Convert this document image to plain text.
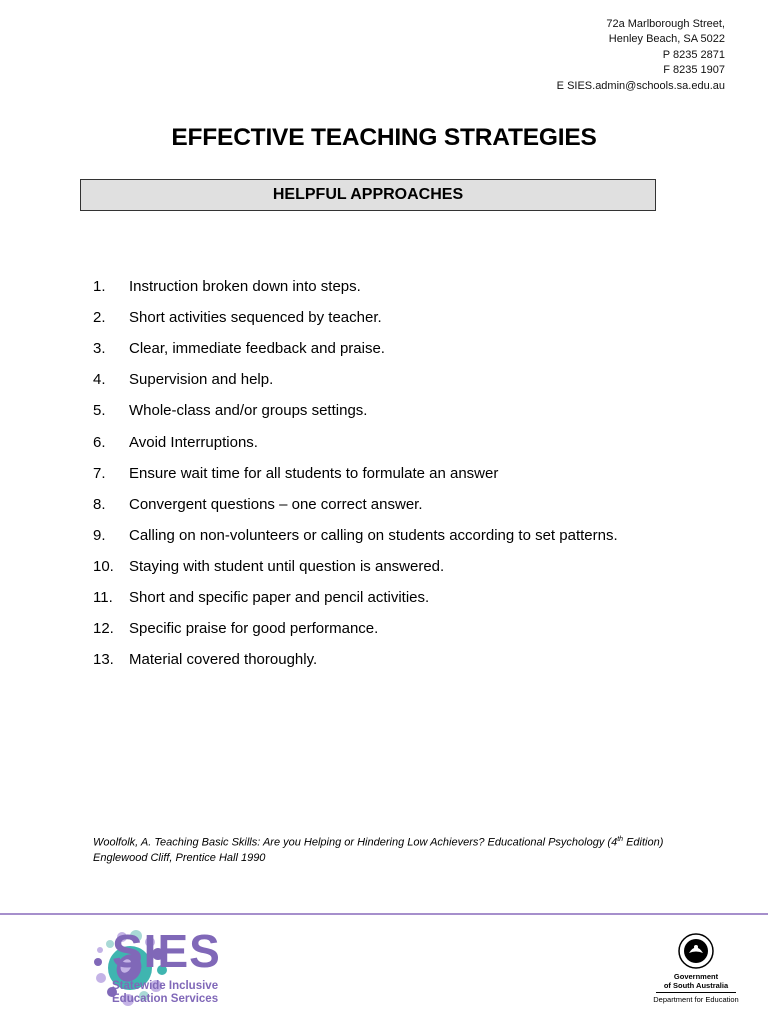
72a Marlborough Street,
Henley Beach, SA 5022
P 8235 2871
F 8235 1907
E SIES.admin@schools.sa.edu.au
EFFECTIVE TEACHING STRATEGIES
HELPFUL APPROACHES
1.	Instruction broken down into steps.
2.	Short activities sequenced by teacher.
3.	Clear, immediate feedback and praise.
4.	Supervision and help.
5.	Whole-class and/or groups settings.
6.	Avoid Interruptions.
7.	Ensure wait time for all students to formulate an answer
8.	Convergent questions – one correct answer.
9.	Calling on non-volunteers or calling on students according to set patterns.
10.	Staying with student until question is answered.
11.	Short and specific paper and pencil activities.
12.	Specific praise for good performance.
13.	Material covered thoroughly.
Woolfolk, A. Teaching Basic Skills: Are you Helping or Hindering Low Achievers? Educational Psychology (4th Edition) Englewood Cliff, Prentice Hall 1990
SIES
Statewide Inclusive
Education Services
Government
of South Australia
Department for Education
